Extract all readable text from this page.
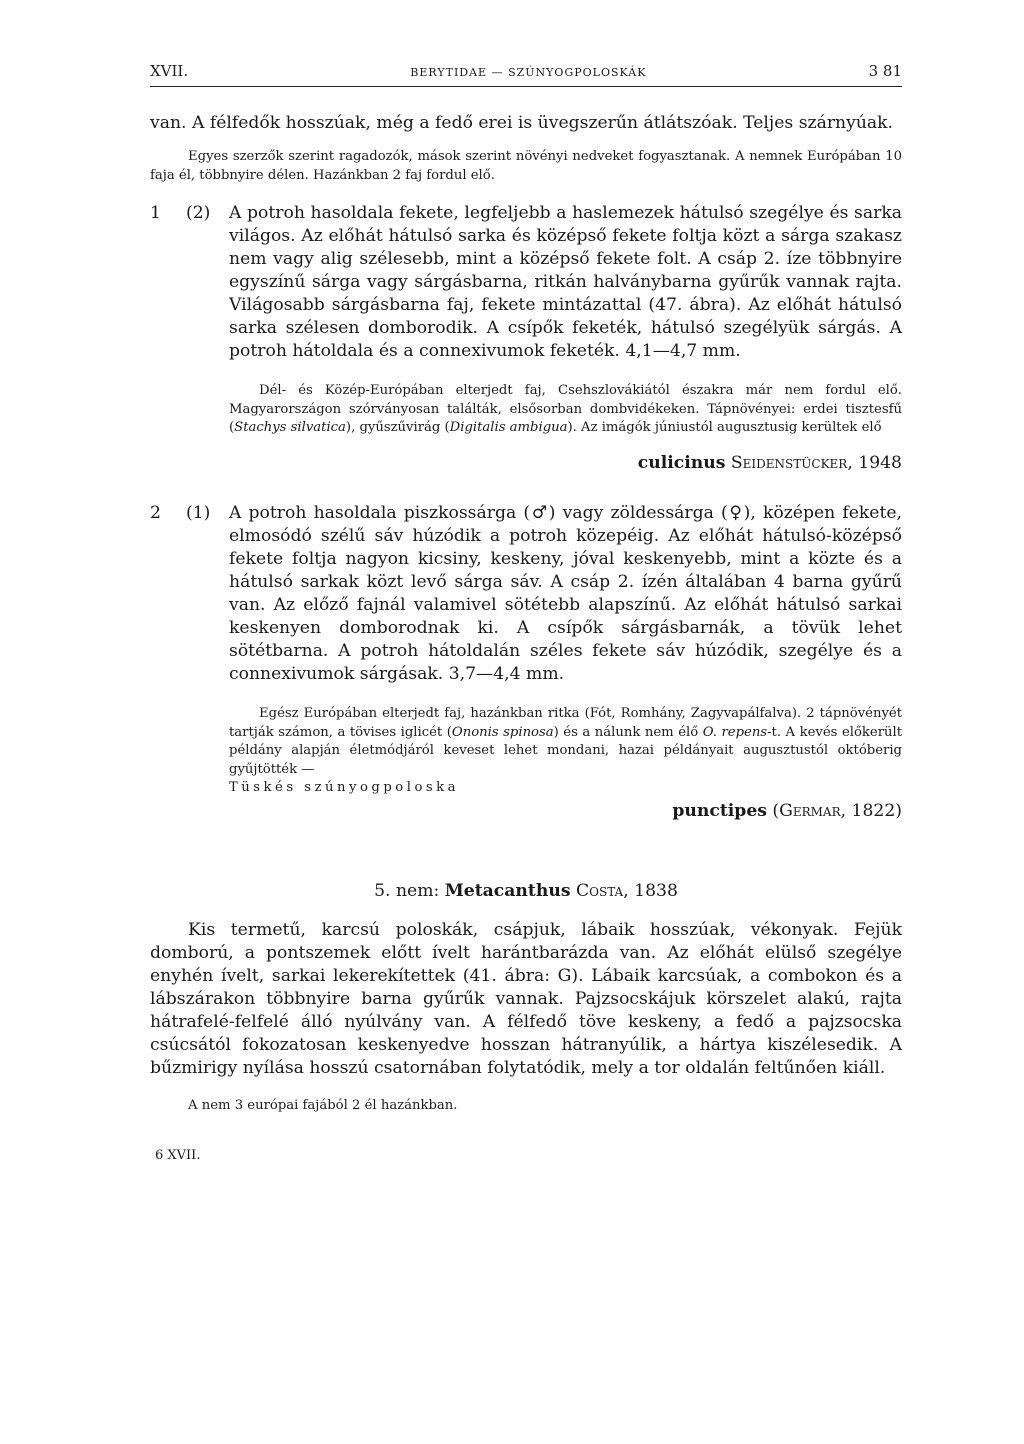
XVII.	BERYTIDAE — SZÚNYOGPOLOSKÁK	3 81

van. A félfedők hosszúak, még a fedő erei is üvegszerűn átlátszóak. Teljes szárnyúak.

Egyes szerzők szerint ragadozók, mások szerint növényi nedveket fogyasztanak. A nemnek Európában 10 faja él, többnyire délen. Hazánkban 2 faj fordul elő.

1	(2)	A potroh hasoldala fekete, legfeljebb a haslemezek hátulsó szegélye és sarka világos. Az előhát hátulsó sarka és középső fekete foltja közt a sárga szakasz nem vagy alig szélesebb, mint a középső fekete folt. A csáp 2. íze többnyire egyszínű sárga vagy sárgásbarna, ritkán halványbarna gyűrűk vannak rajta. Világosabb sárgásbarna faj, fekete mintázattal (47. ábra). Az előhát hátulsó sarka szélesen domborodik. A csípők feketék, hátulsó szegélyük sárgás. A potroh hátoldala és a connexivumok feketék. 4,1—4,7 mm.

Dél- és Közép-Európában elterjedt faj, Csehszlovákiától északra már nem fordul elő. Magyarországon szórványosan találták, elsősorban dombvidékeken. Tápnövényei: erdei tisztesfű (Stachys silvatica), gyűszűvirág (Digitalis ambigua). Az imágók júniustól augusztusig kerültek elő

culicinus Seidenstücker, 1948

2	(1)	A potroh hasoldala piszkossárga (♂) vagy zöldessárga (♀), középen fekete, elmosódó szélű sáv húzódik a potroh közepéig. Az előhát hátulsó-középső fekete foltja nagyon kicsiny, keskeny, jóval keskenyebb, mint a közte és a hátulsó sarkak közt levő sárga sáv. A csáp 2. ízén általában 4 barna gyűrű van. Az előző fajnál valamivel sötétebb alapszínű. Az előhát hátulsó sarkai keskenyen domborodnak ki. A csípők sárgásbarnák, a tövük lehet sötétbarna. A potroh hátoldalán széles fekete sáv húzódik, szegélye és a connexivumok sárgásak. 3,7—4,4 mm.

Egész Európában elterjedt faj, hazánkban ritka (Fót, Romhány, Zagyvapálfalva). 2 tápnövényét tartják számon, a tövises iglicét (Ononis spinosa) és a nálunk nem élő O. repens-t. A kevés előkerült példány alapján életmódjáról keveset lehet mondani, hazai példányait augusztustól októberig gyűjtötték —

Tüskés szúnyogpoloska

punctipes (Germar, 1822)

5. nem: Metacanthus Costa, 1838

Kis termetű, karcsú poloskák, csápjuk, lábaik hosszúak, vékonyak. Fejük domború, a pontszemek előtt ívelt harántbarázda van. Az előhát elülső szegélye enyhén ívelt, sarkai lekerekítettek (41. ábra: G). Lábaik karcsúak, a combokon és a lábszárakon többnyire barna gyűrűk vannak. Pajzsocskájuk körszelet alakú, rajta hátrafelé-felfelé álló nyúlvány van. A félfedő töve keskeny, a fedő a pajzsocska csúcsától fokozatosan keskenyedve hosszan hátranyúlik, a hártya kiszélesedik. A bűzmirigy nyílása hosszú csatornában folytatódik, mely a tor oldalán feltűnően kiáll.

A nem 3 európai fajából 2 él hazánkban.

6 XVII.
